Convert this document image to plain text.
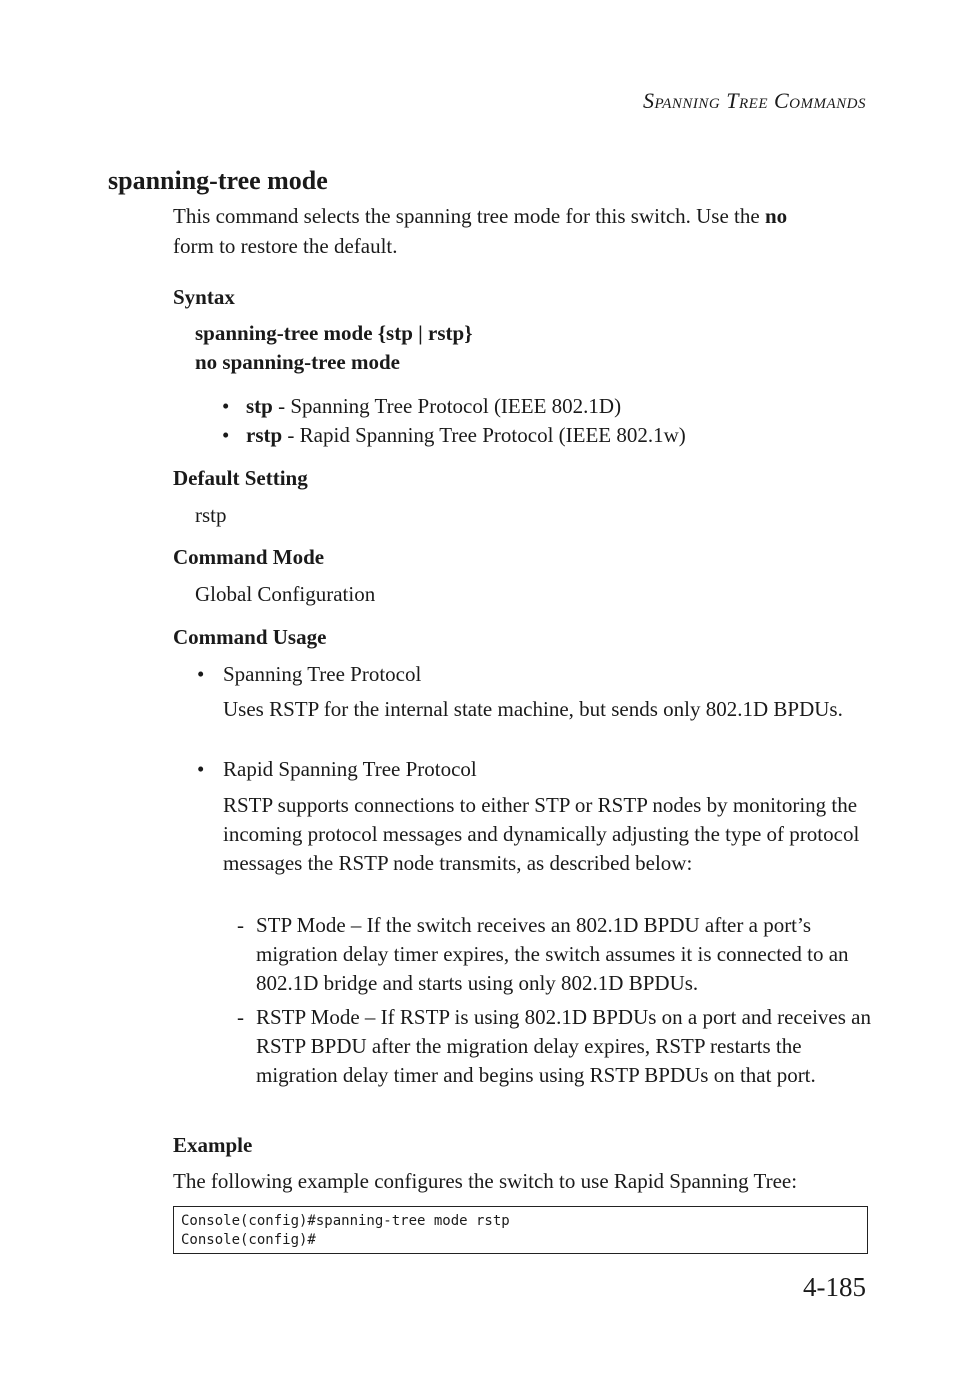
Spanning Tree Commands
spanning-tree mode
This command selects the spanning tree mode for this switch. Use the no
form to restore the default.
Syntax
spanning-tree mode {stp | rstp}
no spanning-tree mode
• stp - Spanning Tree Protocol (IEEE 802.1D)
• rstp - Rapid Spanning Tree Protocol (IEEE 802.1w)
Default Setting
rstp
Command Mode
Global Configuration
Command Usage
• Spanning Tree Protocol
Uses RSTP for the internal state machine, but sends only 802.1D BPDUs.
• Rapid Spanning Tree Protocol
RSTP supports connections to either STP or RSTP nodes by monitoring the incoming protocol messages and dynamically adjusting the type of protocol messages the RSTP node transmits, as described below:
- STP Mode – If the switch receives an 802.1D BPDU after a port’s migration delay timer expires, the switch assumes it is connected to an 802.1D bridge and starts using only 802.1D BPDUs.
- RSTP Mode – If RSTP is using 802.1D BPDUs on a port and receives an RSTP BPDU after the migration delay expires, RSTP restarts the migration delay timer and begins using RSTP BPDUs on that port.
Example
The following example configures the switch to use Rapid Spanning Tree:
Console(config)#spanning-tree mode rstp
Console(config)#
4-185
